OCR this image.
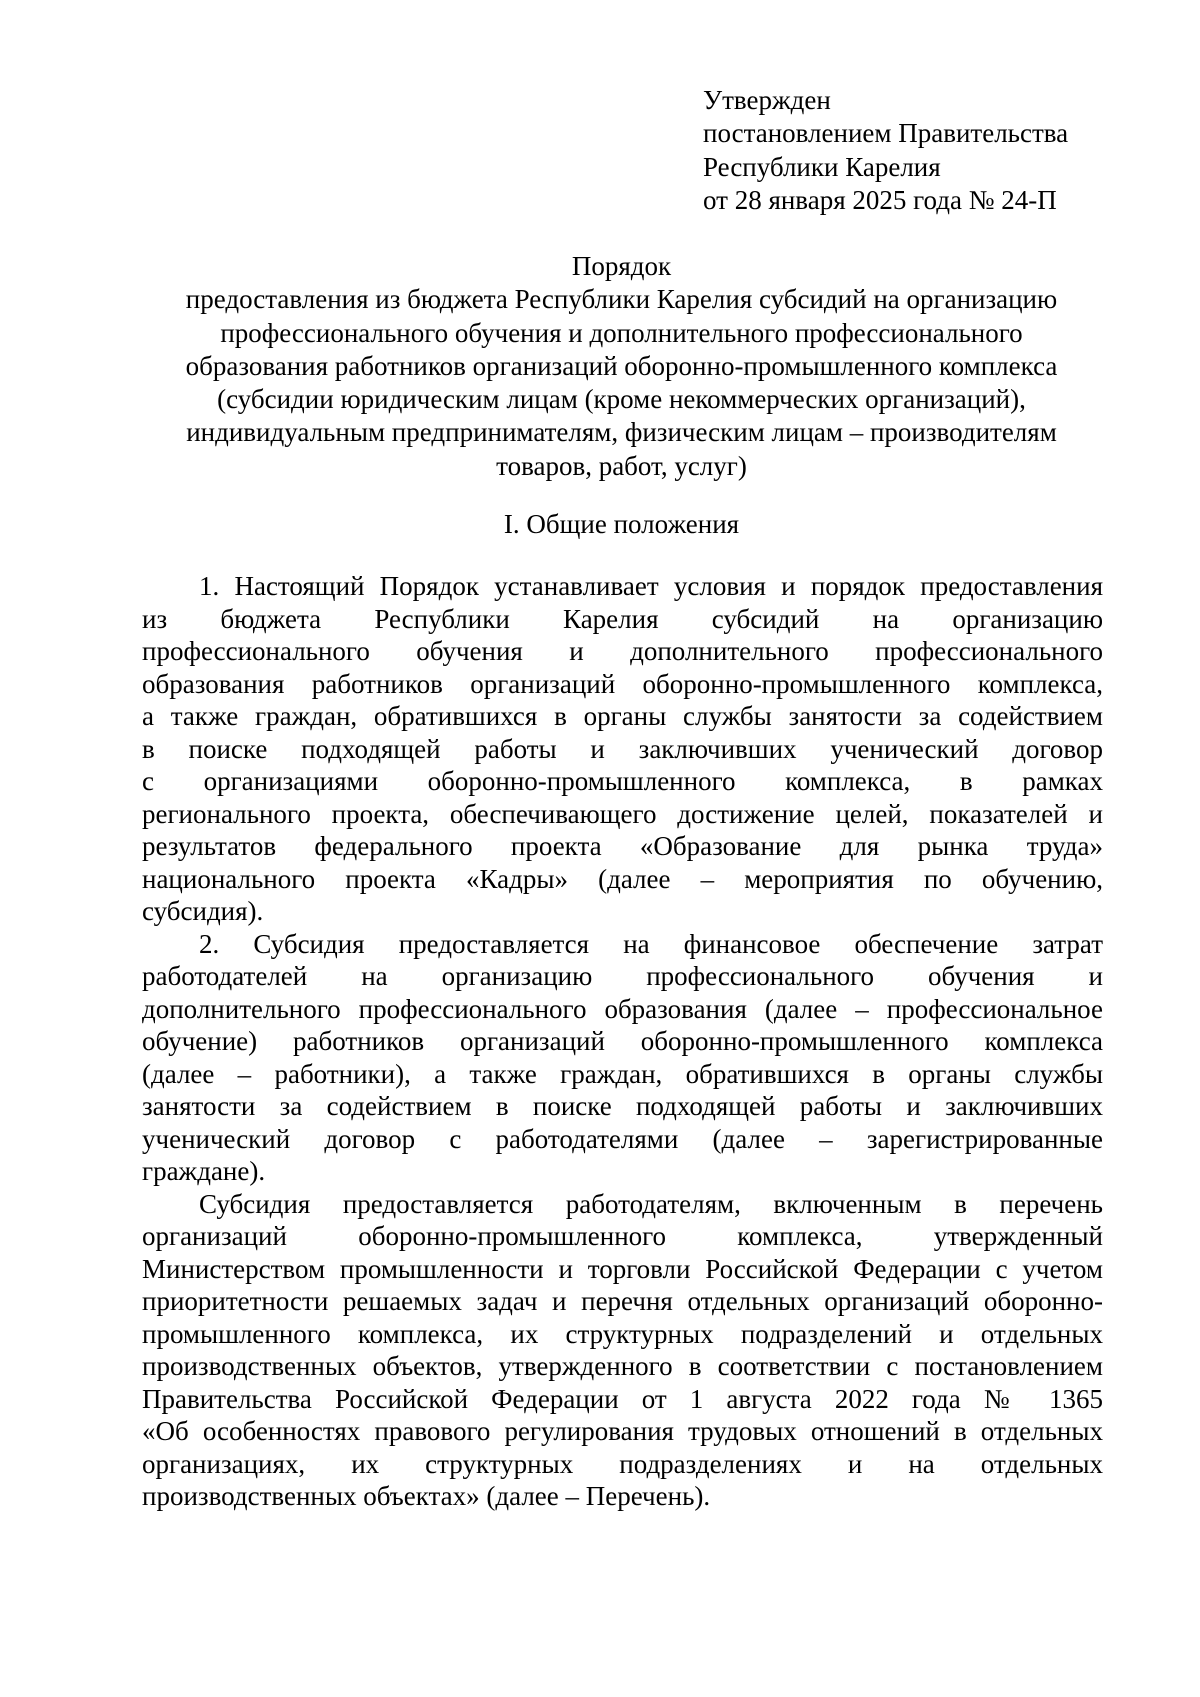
Утвержден
постановлением Правительства
Республики Карелия
от 28 января 2025 года № 24-П
Порядок
предоставления из бюджета Республики Карелия субсидий на организацию
профессионального обучения и дополнительного профессионального
образования работников организаций оборонно-промышленного комплекса
(субсидии юридическим лицам (кроме некоммерческих организаций),
индивидуальным предпринимателям, физическим лицам – производителям
товаров, работ, услуг)
I. Общие положения
1. Настоящий Порядок устанавливает условия и порядок предоставления
из бюджета Республики Карелия субсидий на организацию
профессионального обучения и дополнительного профессионального
образования работников организаций оборонно-промышленного комплекса,
а также граждан, обратившихся в органы службы занятости за содействием
в поиске подходящей работы и заключивших ученический договор
с организациями оборонно-промышленного комплекса, в рамках
регионального проекта, обеспечивающего достижение целей, показателей и
результатов федерального проекта «Образование для рынка труда»
национального проекта «Кадры» (далее – мероприятия по обучению,
субсидия).
2. Субсидия предоставляется на финансовое обеспечение затрат
работодателей на организацию профессионального обучения и
дополнительного профессионального образования (далее – профессиональное
обучение) работников организаций оборонно-промышленного комплекса
(далее – работники), а также граждан, обратившихся в органы службы
занятости за содействием в поиске подходящей работы и заключивших
ученический договор с работодателями (далее – зарегистрированные
граждане).
Субсидия предоставляется работодателям, включенным в перечень
организаций оборонно-промышленного комплекса, утвержденный
Министерством промышленности и торговли Российской Федерации с учетом
приоритетности решаемых задач и перечня отдельных организаций оборонно-
промышленного комплекса, их структурных подразделений и отдельных
производственных объектов, утвержденного в соответствии с постановлением
Правительства Российской Федерации от 1 августа 2022 года № 1365
«Об особенностях правового регулирования трудовых отношений в отдельных
организациях, их структурных подразделениях и на отдельных
производственных объектах» (далее – Перечень).
